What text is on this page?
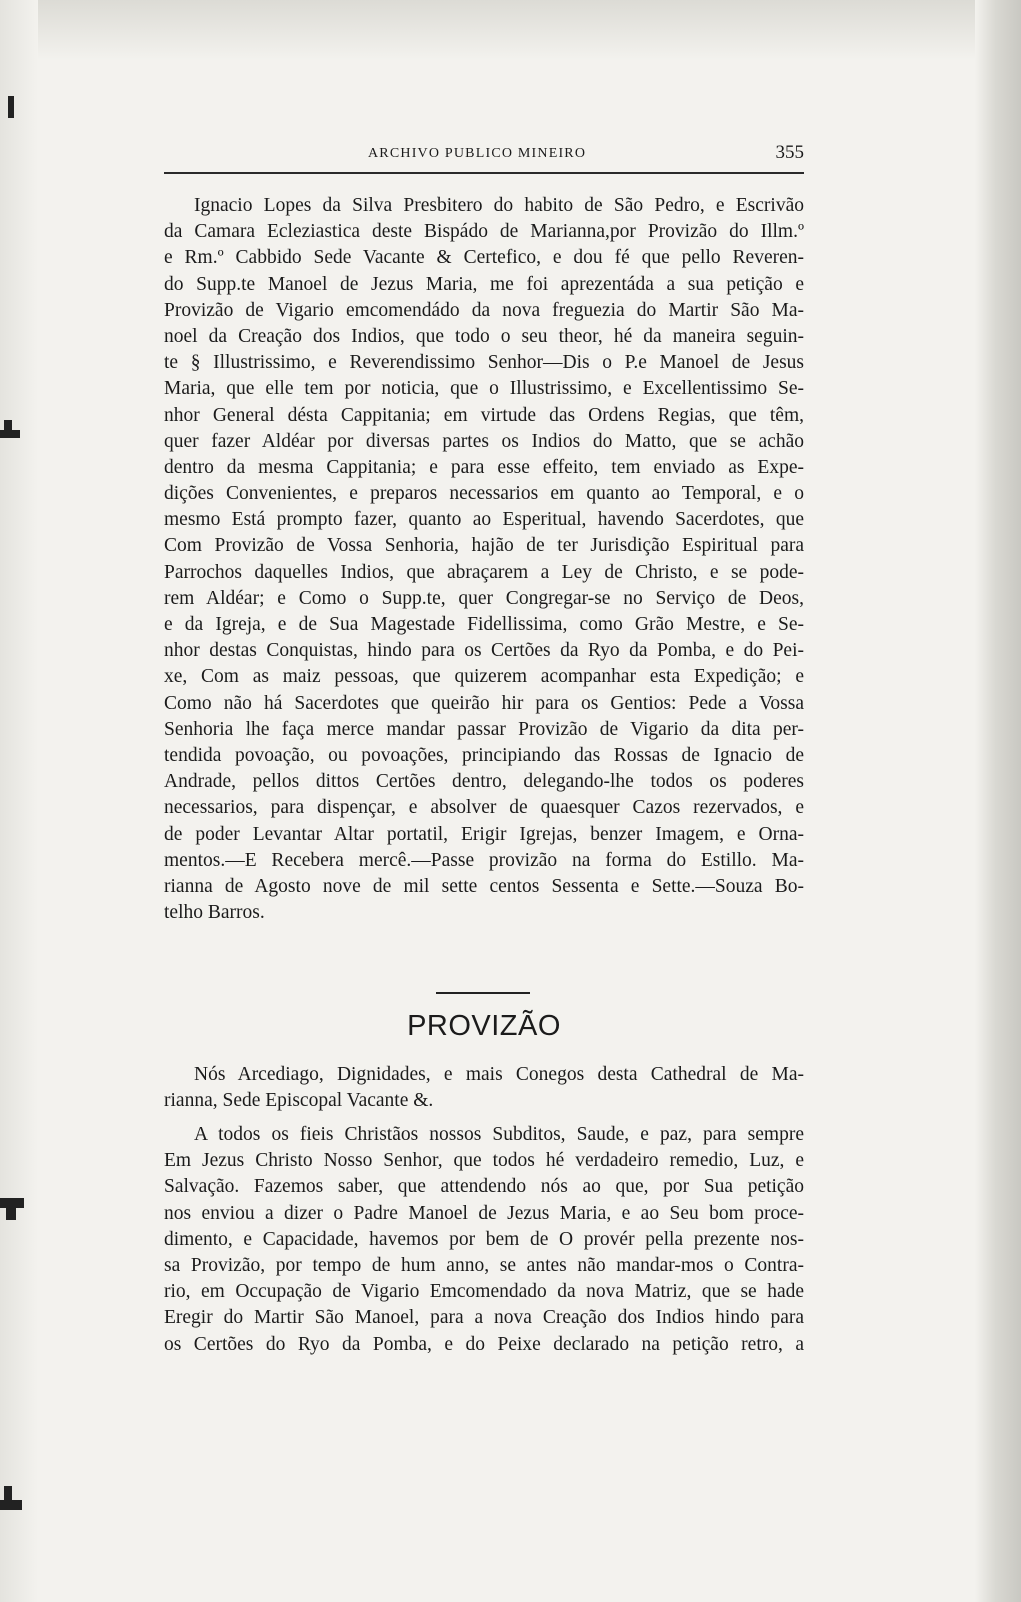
ARCHIVO PUBLICO MINEIRO	355
Ignacio Lopes da Silva Presbitero do habito de São Pedro, e Escrivão
da Camara Ecleziastica deste Bispádo de Marianna,por Provizão do Illm.º
e Rm.º Cabbido Sede Vacante & Certefico, e dou fé que pello Reveren-
do Supp.te Manoel de Jezus Maria, me foi aprezentáda a sua petição e
Provizão de Vigario emcomendádo da nova freguezia do Martir São Ma-
noel da Creação dos Indios, que todo o seu theor, hé da maneira seguin-
te § Illustrissimo, e Reverendissimo Senhor—Dis o P.e Manoel de Jesus
Maria, que elle tem por noticia, que o Illustrissimo, e Excellentissimo Se-
nhor General désta Cappitania; em virtude das Ordens Regias, que têm,
quer fazer Aldéar por diversas partes os Indios do Matto, que se achão
dentro da mesma Cappitania; e para esse effeito, tem enviado as Expe-
dições Convenientes, e preparos necessarios em quanto ao Temporal, e o
mesmo Está prompto fazer, quanto ao Esperitual, havendo Sacerdotes, que
Com Provizão de Vossa Senhoria, hajão de ter Jurisdição Espiritual para
Parrochos daquelles Indios, que abraçarem a Ley de Christo, e se pode-
rem Aldéar; e Como o Supp.te, quer Congregar-se no Serviço de Deos,
e da Igreja, e de Sua Magestade Fidellissima, como Grão Mestre, e Se-
nhor destas Conquistas, hindo para os Certões da Ryo da Pomba, e do Pei-
xe, Com as maiz pessoas, que quizerem acompanhar esta Expedição; e
Como não há Sacerdotes que queirão hir para os Gentios: Pede a Vossa
Senhoria lhe faça merce mandar passar Provizão de Vigario da dita per-
tendida povoação, ou povoações, principiando das Rossas de Ignacio de
Andrade, pellos dittos Certões dentro, delegando-lhe todos os poderes
necessarios, para dispençar, e absolver de quaesquer Cazos rezervados, e
de poder Levantar Altar portatil, Erigir Igrejas, benzer Imagem, e Orna-
mentos.—E Recebera mercê.—Passe provizão na forma do Estillo. Ma-
rianna de Agosto nove de mil sette centos Sessenta e Sette.—Souza Bo-
telho Barros.
PROVIZÃO
Nós Arcediago, Dignidades, e mais Conegos desta Cathedral de Ma-
rianna, Sede Episcopal Vacante &.
A todos os fieis Christãos nossos Subditos, Saude, e paz, para sempre
Em Jezus Christo Nosso Senhor, que todos hé verdadeiro remedio, Luz, e
Salvação. Fazemos saber, que attendendo nós ao que, por Sua petição
nos enviou a dizer o Padre Manoel de Jezus Maria, e ao Seu bom proce-
dimento, e Capacidade, havemos por bem de O provér pella prezente nos-
sa Provizão, por tempo de hum anno, se antes não mandar-mos o Contra-
rio, em Occupação de Vigario Emcomendado da nova Matriz, que se hade
Eregir do Martir São Manoel, para a nova Creação dos Indios hindo para
os Certões do Ryo da Pomba, e do Peixe declarado na petição retro, a
